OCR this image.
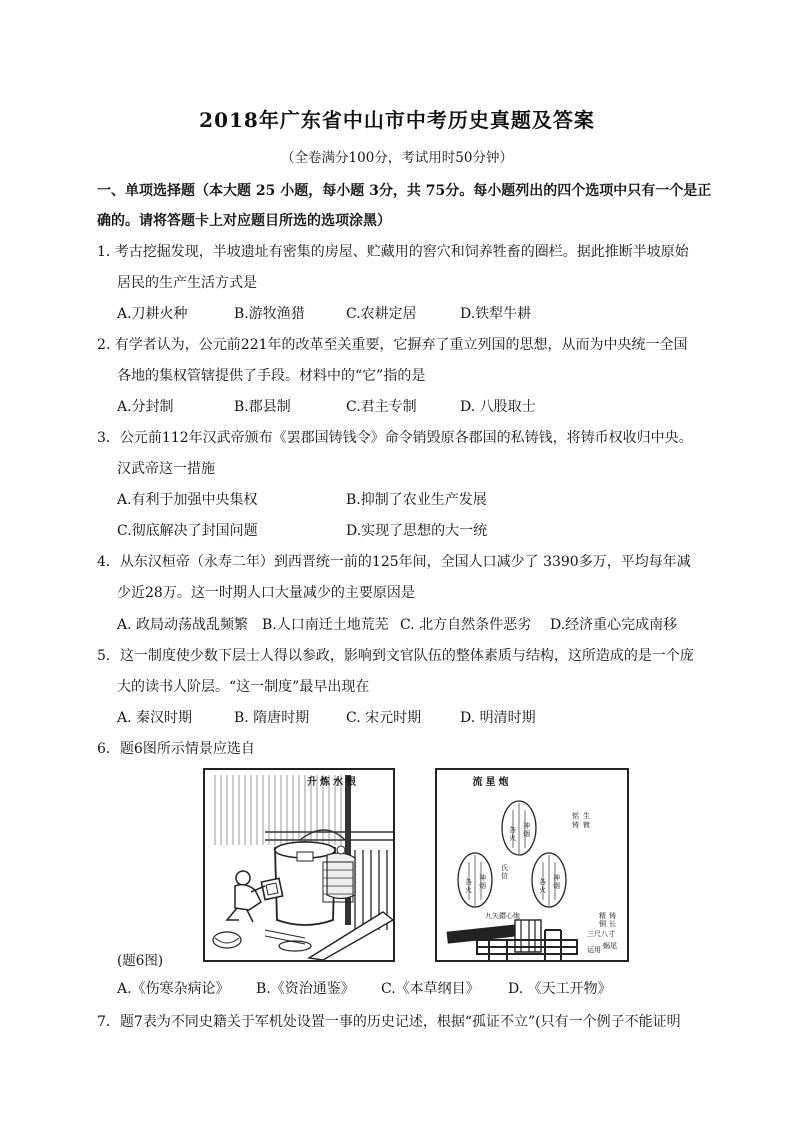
2018年广东省中山市中考历史真题及答案
（全卷满分100分，考试用时50分钟）
一、单项选择题（本大题 25 小题，每小题 3分，共 75分。每小题列出的四个选项中只有一个是正
确的。请将答题卡上对应题目所选的选项涂黑）
1. 考古挖掘发现，半坡遗址有密集的房屋、贮藏用的窖穴和饲养牲畜的圈栏。据此推断半坡原始
居民的生产生活方式是
A.刀耕火种	B.游牧渔猎	C.农耕定居	D.铁犁牛耕
2. 有学者认为，公元前221年的改革至关重要，它摒弃了重立列国的思想，从而为中央统一全国
各地的集权管辖提供了手段。材料中的“它”指的是
A.分封制	B.郡县制	C.君主专制	D. 八股取士
3．公元前112年汉武帝颁布《罢郡国铸钱令》命令销毁原各郡国的私铸钱，将铸币权收归中央。
汉武帝这一措施
A.有利于加强中央集权	B.抑制了农业生产发展
C.彻底解决了封国问题	D.实现了思想的大一统
4．从东汉桓帝（永寿二年）到西晋统一前的125年间，全国人口减少了 3390多万，平均每年减
少近28万。这一时期人口大量减少的主要原因是
A. 政局动荡战乱频繁 B.人口南迁土地荒芜 C. 北方自然条件恶劣 D.经济重心完成南移
5．这一制度使少数下层士人得以参政，影响到文官队伍的整体素质与结构，这所造成的是一个庞
大的读书人阶层。“这一制度”最早出现在
A. 秦汉时期	B. 隋唐时期	C. 宋元时期	D. 明清时期
6．题6图所示情景应选自
升炼水银
各
火
神
烟
各
火
神
烟	各
火
神
烟
氏
信
生
镀
铭
铸
九矢鐕心炮	精
铜
铸
长
三尺八寸
运用 蜗尾
流星炮
(题6图)
A.《伤寒杂病论》 B.《资治通鉴》 C.《本草纲目》 D. 《天工开物》
7．题7表为不同史籍关于军机处设置一事的历史记述，根据“孤证不立”(只有一个例子不能证明
